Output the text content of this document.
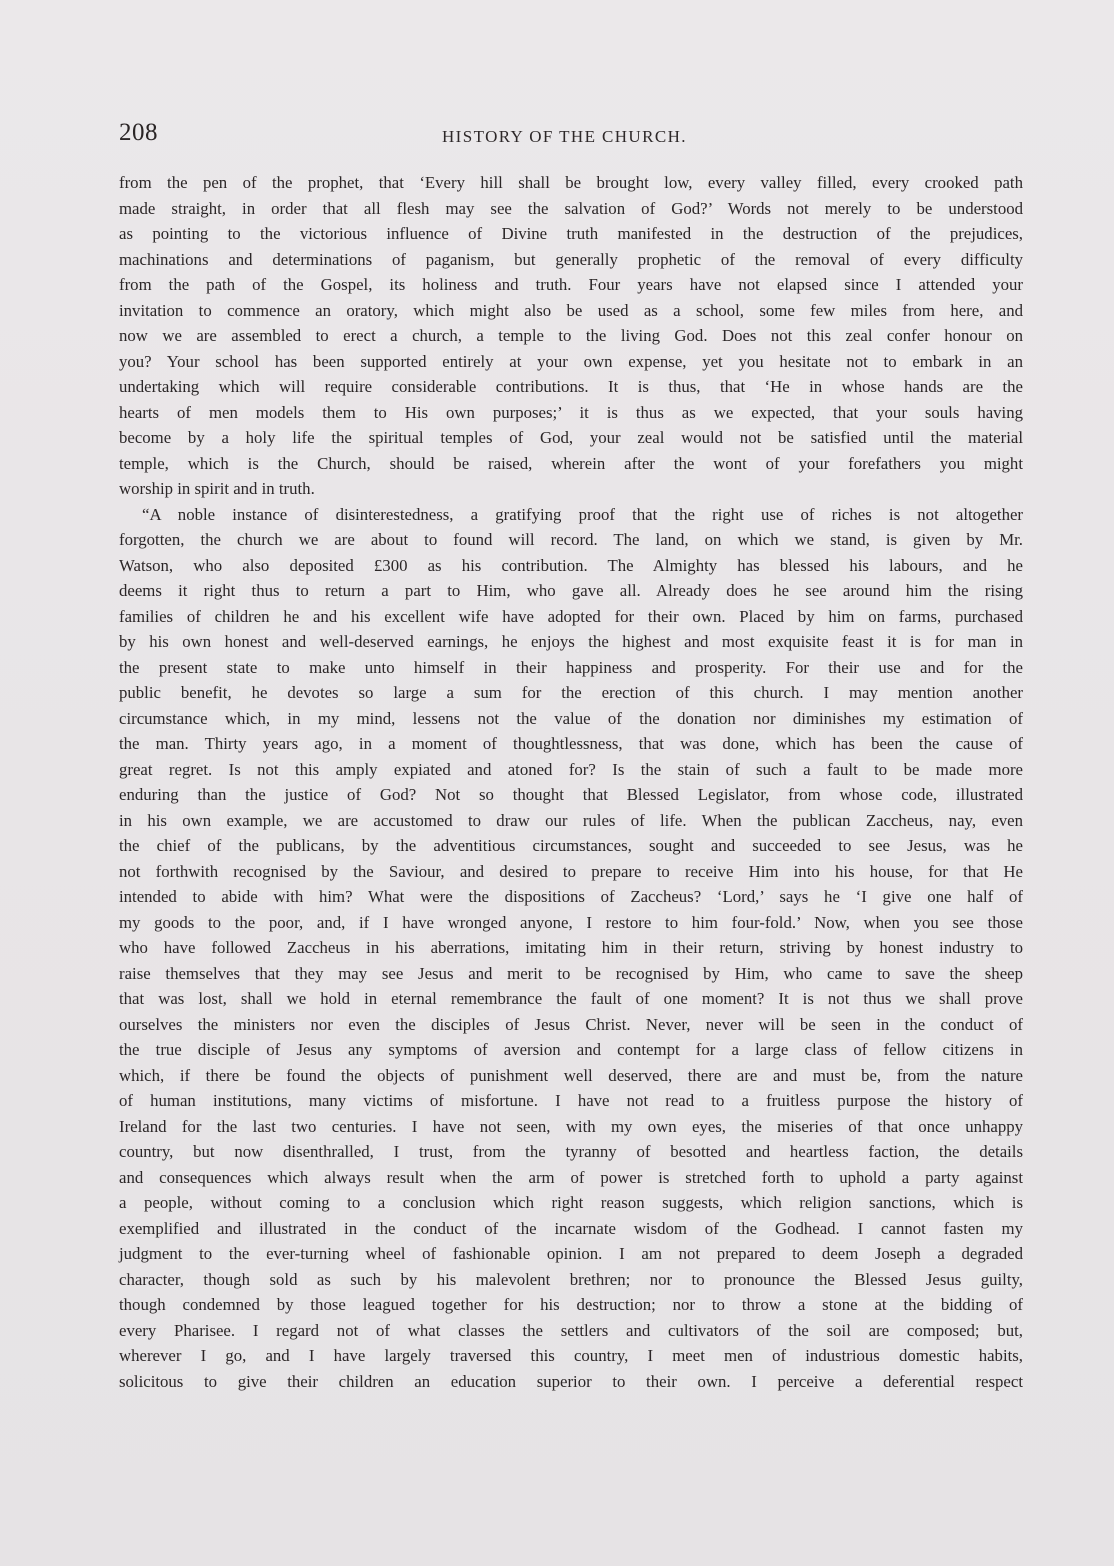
208	HISTORY OF THE CHURCH.

from the pen of the prophet, that ‘Every hill shall be brought low, every valley filled, every crooked path

made straight, in order that all flesh may see the salvation of God?’ Words not merely to be understood

as pointing to the victorious influence of Divine truth manifested in the destruction of the prejudices,

machinations and determinations of paganism, but generally prophetic of the removal of every difficulty

from the path of the Gospel, its holiness and truth. Four years have not elapsed since I attended your

invitation to commence an oratory, which might also be used as a school, some few miles from here, and

now we are assembled to erect a church, a temple to the living God. Does not this zeal confer honour on

you? Your school has been supported entirely at your own expense, yet you hesitate not to embark in an

undertaking which will require considerable contributions. It is thus, that ‘He in whose hands are the

hearts of men models them to His own purposes;’ it is thus as we expected, that your souls having

become by a holy life the spiritual temples of God, your zeal would not be satisfied until the material

temple, which is the Church, should be raised, wherein after the wont of your forefathers you might

worship in spirit and in truth.

“A noble instance of disinterestedness, a gratifying proof that the right use of riches is not altogether

forgotten, the church we are about to found will record. The land, on which we stand, is given by Mr.

Watson, who also deposited £300 as his contribution. The Almighty has blessed his labours, and he

deems it right thus to return a part to Him, who gave all. Already does he see around him the rising

families of children he and his excellent wife have adopted for their own. Placed by him on farms, purchased

by his own honest and well-deserved earnings, he enjoys the highest and most exquisite feast it is for man in

the present state to make unto himself in their happiness and prosperity. For their use and for the

public benefit, he devotes so large a sum for the erection of this church. I may mention another

circumstance which, in my mind, lessens not the value of the donation nor diminishes my estimation of

the man. Thirty years ago, in a moment of thoughtlessness, that was done, which has been the cause of

great regret. Is not this amply expiated and atoned for? Is the stain of such a fault to be made more

enduring than the justice of God? Not so thought that Blessed Legislator, from whose code, illustrated

in his own example, we are accustomed to draw our rules of life. When the publican Zaccheus, nay, even

the chief of the publicans, by the adventitious circumstances, sought and succeeded to see Jesus, was he

not forthwith recognised by the Saviour, and desired to prepare to receive Him into his house, for that He

intended to abide with him? What were the dispositions of Zaccheus? ‘Lord,’ says he ‘I give one half of

my goods to the poor, and, if I have wronged anyone, I restore to him four-fold.’ Now, when you see those

who have followed Zaccheus in his aberrations, imitating him in their return, striving by honest industry to

raise themselves that they may see Jesus and merit to be recognised by Him, who came to save the sheep

that was lost, shall we hold in eternal remembrance the fault of one moment? It is not thus we shall prove

ourselves the ministers nor even the disciples of Jesus Christ. Never, never will be seen in the conduct of

the true disciple of Jesus any symptoms of aversion and contempt for a large class of fellow citizens in

which, if there be found the objects of punishment well deserved, there are and must be, from the nature

of human institutions, many victims of misfortune. I have not read to a fruitless purpose the history of

Ireland for the last two centuries. I have not seen, with my own eyes, the miseries of that once unhappy

country, but now disenthralled, I trust, from the tyranny of besotted and heartless faction, the details

and consequences which always result when the arm of power is stretched forth to uphold a party against

a people, without coming to a conclusion which right reason suggests, which religion sanctions, which is

exemplified and illustrated in the conduct of the incarnate wisdom of the Godhead. I cannot fasten my

judgment to the ever-turning wheel of fashionable opinion. I am not prepared to deem Joseph a degraded

character, though sold as such by his malevolent brethren; nor to pronounce the Blessed Jesus guilty,

though condemned by those leagued together for his destruction; nor to throw a stone at the bidding of

every Pharisee. I regard not of what classes the settlers and cultivators of the soil are composed; but,

wherever I go, and I have largely traversed this country, I meet men of industrious domestic habits,

solicitous to give their children an education superior to their own. I perceive a deferential respect
